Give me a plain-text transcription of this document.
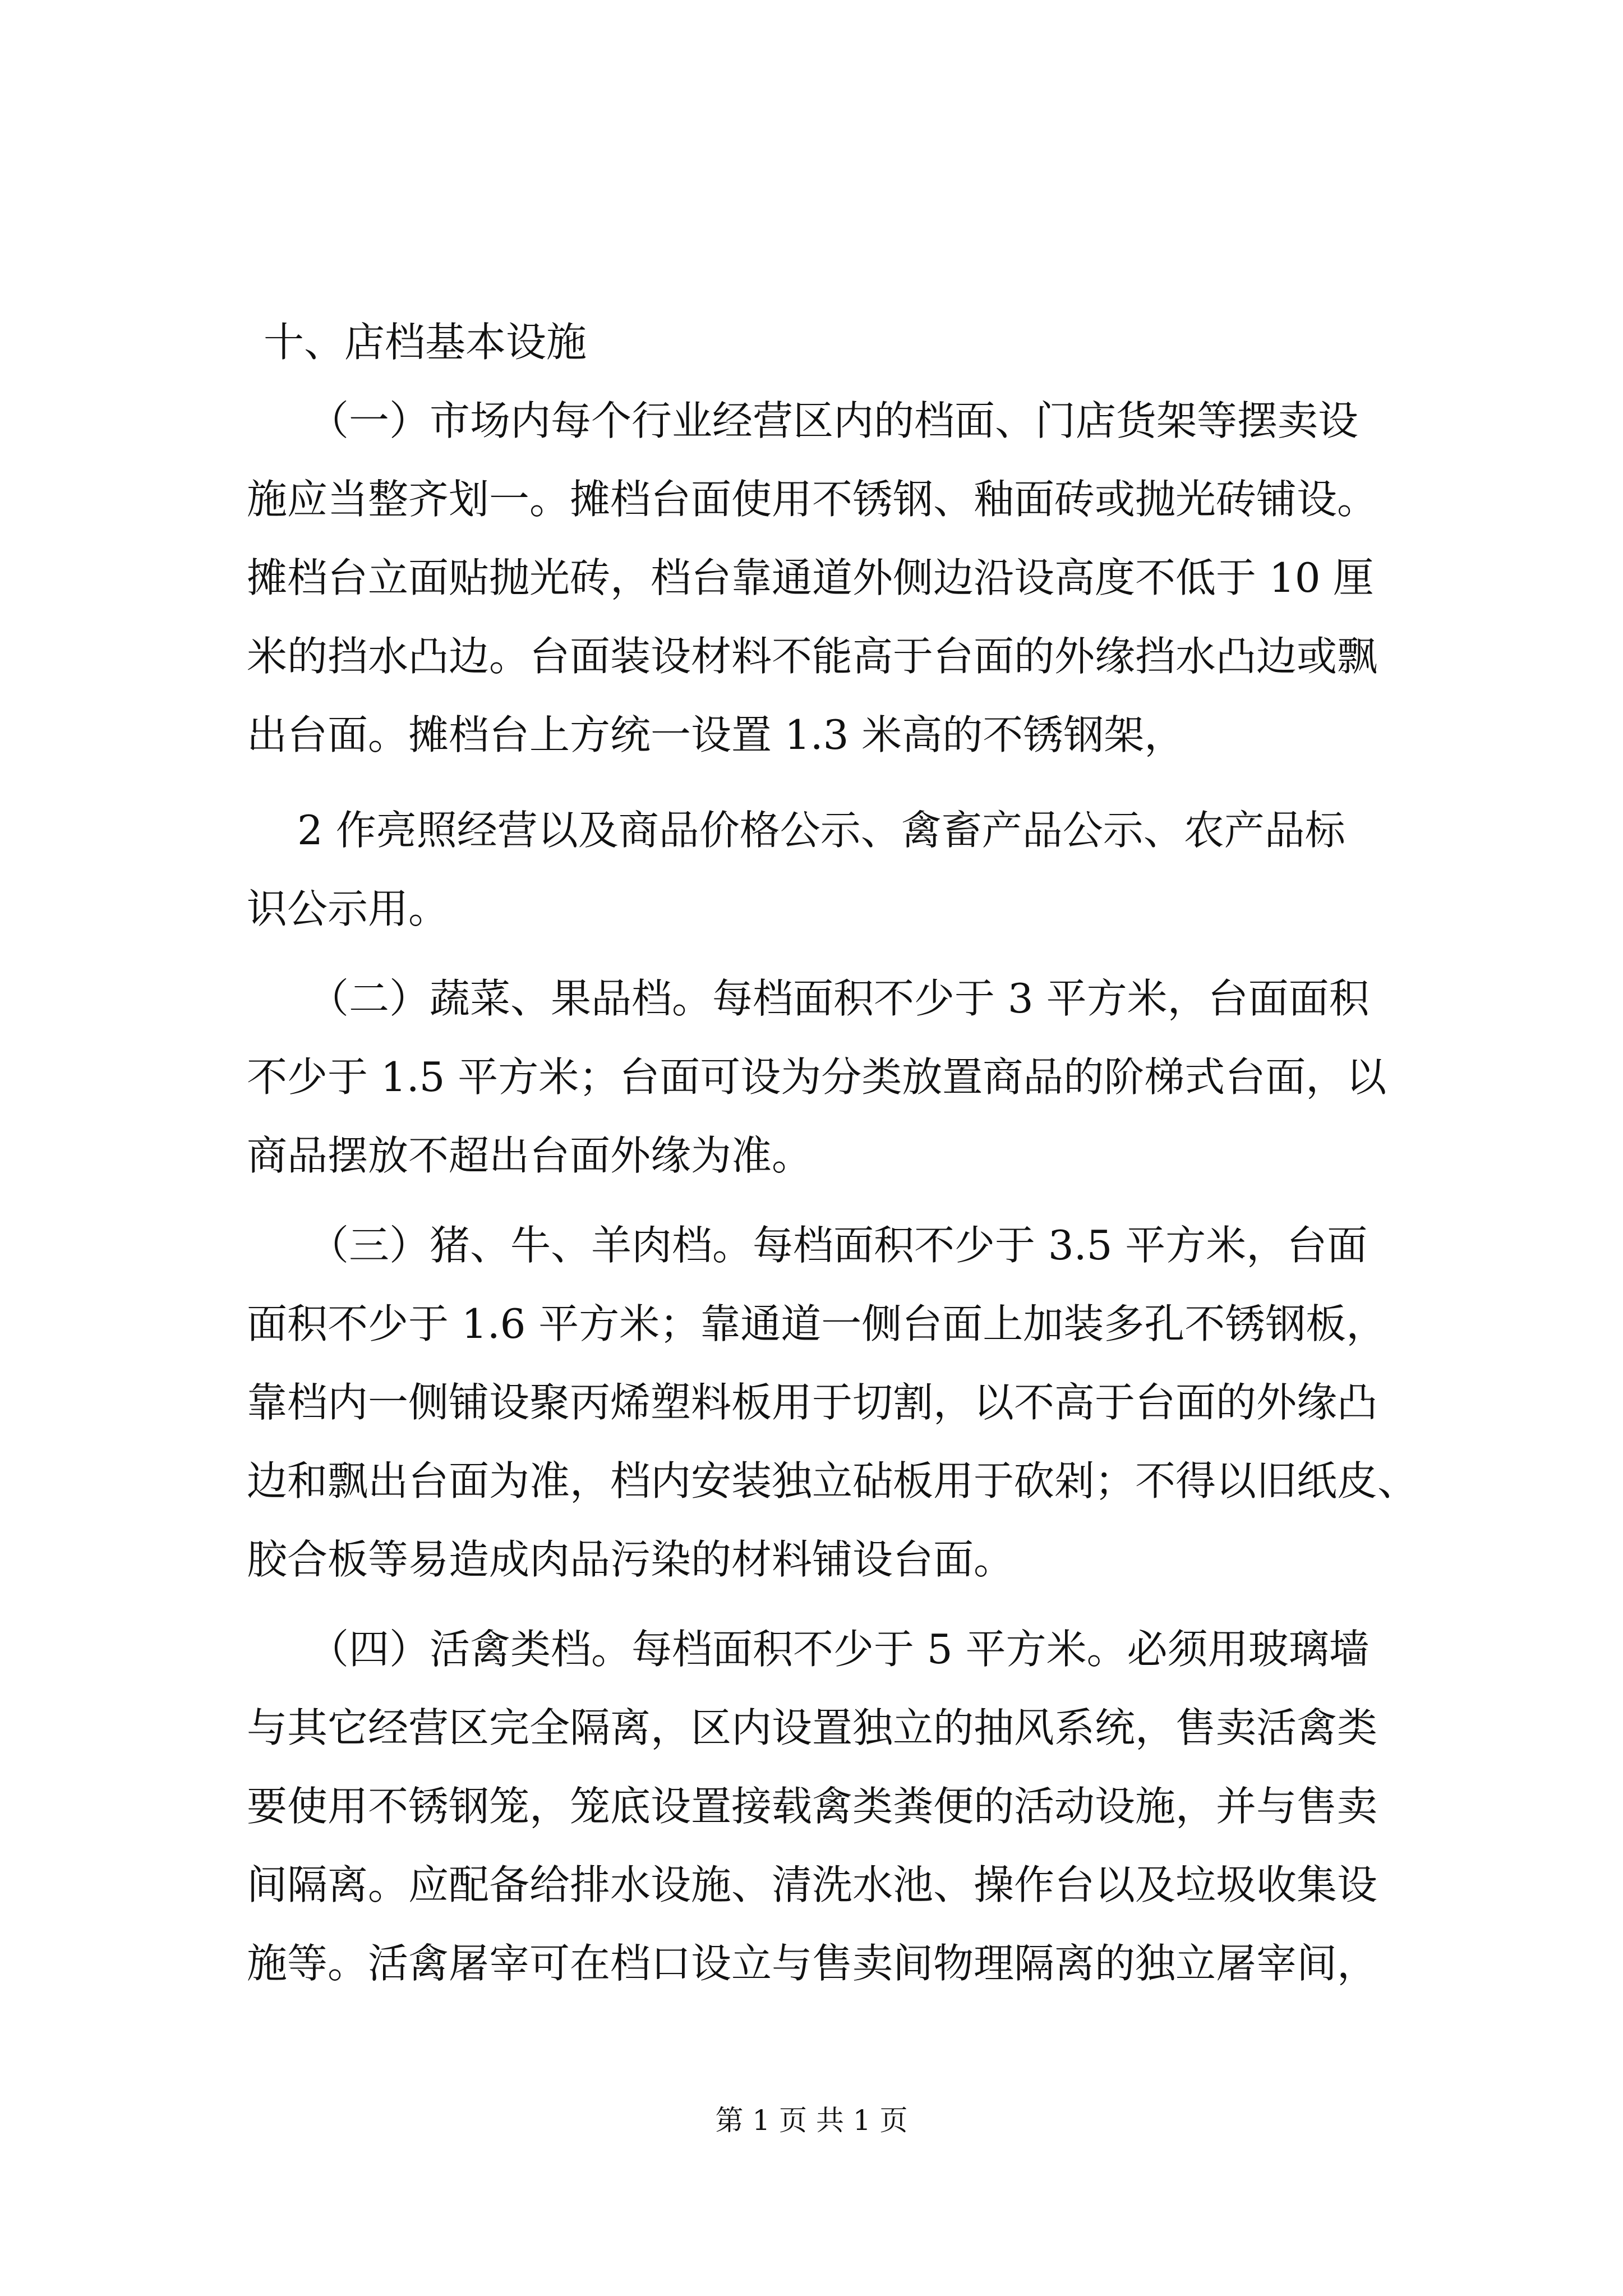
十、店档基本设施
（一）市场内每个行业经营区内的档面、门店货架等摆卖设
施应当整齐划一。摊档台面使用不锈钢、釉面砖或抛光砖铺设。
摊档台立面贴抛光砖，档台靠通道外侧边沿设高度不低于 10 厘
米的挡水凸边。台面装设材料不能高于台面的外缘挡水凸边或飘
出台面。摊档台上方统一设置 1.3 米高的不锈钢架，
2 作亮照经营以及商品价格公示、禽畜产品公示、农产品标
识公示用。
（二）蔬菜、果品档。每档面积不少于 3 平方米，台面面积
不少于 1.5 平方米；台面可设为分类放置商品的阶梯式台面，以
商品摆放不超出台面外缘为准。
（三）猪、牛、羊肉档。每档面积不少于 3.5 平方米，台面
面积不少于 1.6 平方米；靠通道一侧台面上加装多孔不锈钢板，
靠档内一侧铺设聚丙烯塑料板用于切割，以不高于台面的外缘凸
边和飘出台面为准，档内安装独立砧板用于砍剁；不得以旧纸皮、
胶合板等易造成肉品污染的材料铺设台面。
（四）活禽类档。每档面积不少于 5 平方米。必须用玻璃墙
与其它经营区完全隔离，区内设置独立的抽风系统，售卖活禽类
要使用不锈钢笼，笼底设置接载禽类粪便的活动设施，并与售卖
间隔离。应配备给排水设施、清洗水池、操作台以及垃圾收集设
施等。活禽屠宰可在档口设立与售卖间物理隔离的独立屠宰间，
第 1 页 共 1 页
